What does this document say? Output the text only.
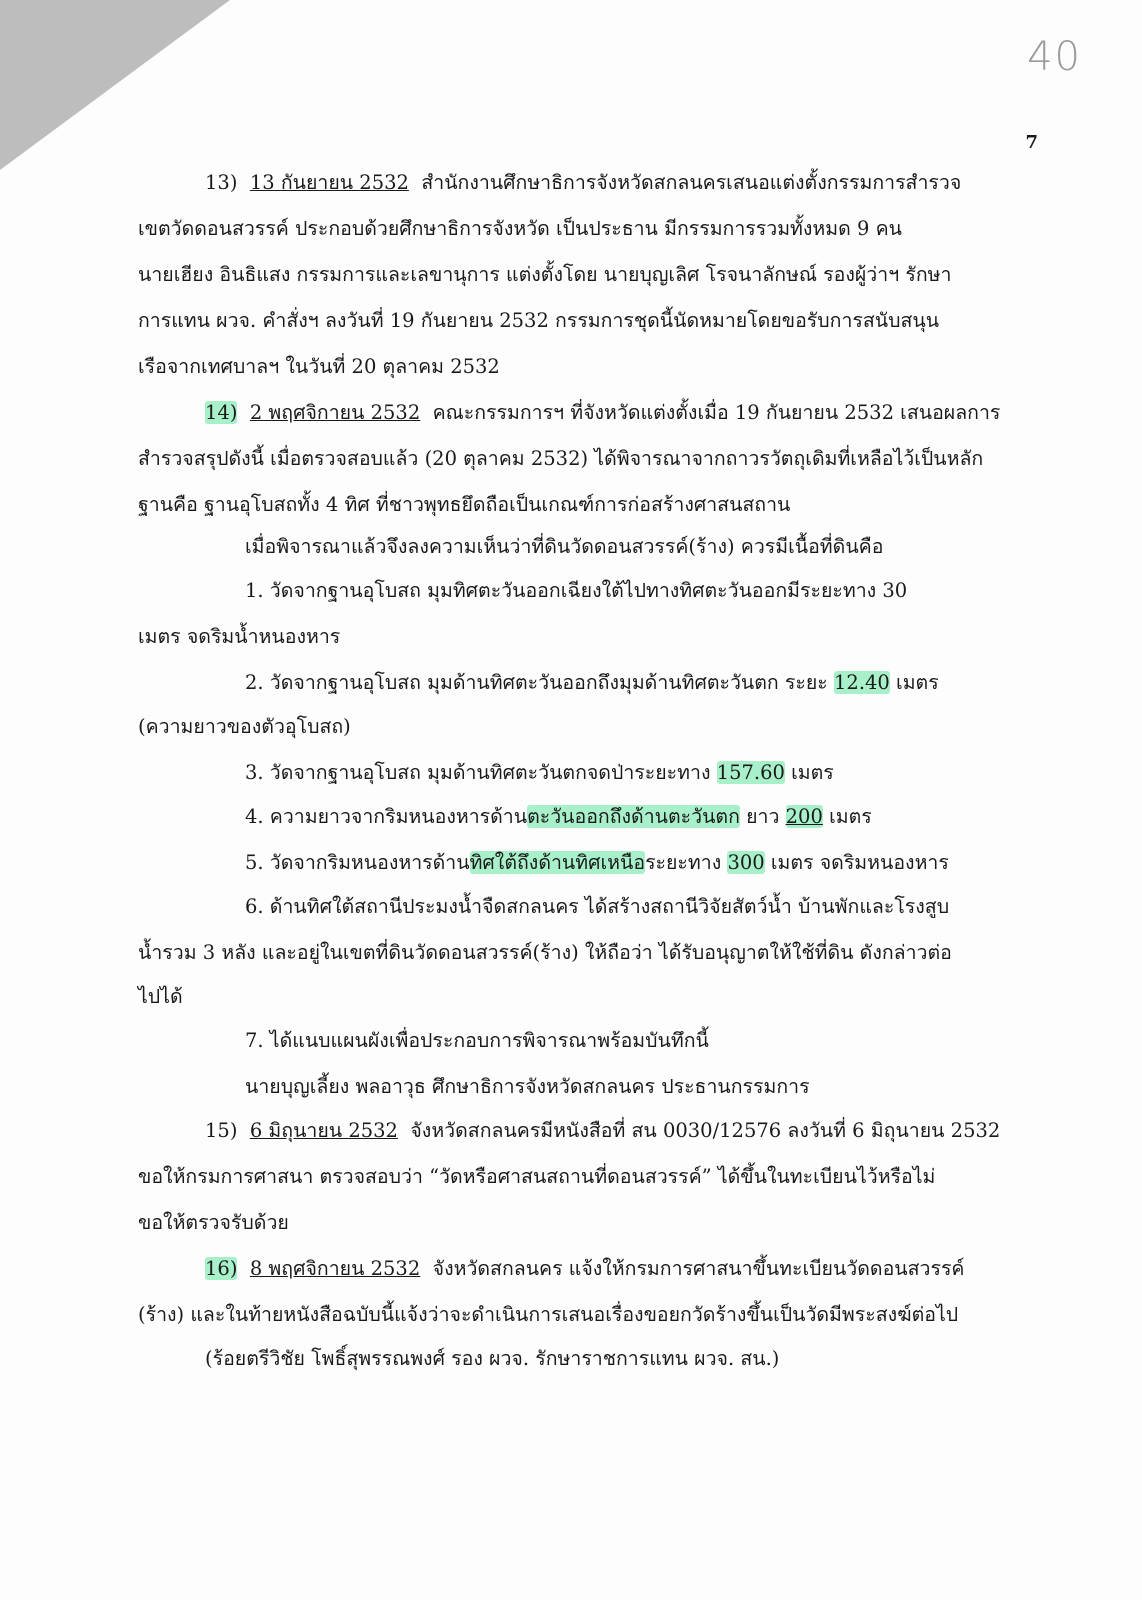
40
7
13) 13 กันยายน 2532 สำนักงานศึกษาธิการจังหวัดสกลนครเสนอแต่งตั้งกรรมการสำรวจ
เขตวัดดอนสวรรค์ ประกอบด้วยศึกษาธิการจังหวัด เป็นประธาน มีกรรมการรวมทั้งหมด 9 คน
นายเฮียง อินธิแสง กรรมการและเลขานุการ แต่งตั้งโดย นายบุญเลิศ โรจนาลักษณ์ รองผู้ว่าฯ รักษา
การแทน ผวจ. คำสั่งฯ ลงวันที่ 19 กันยายน 2532 กรรมการชุดนี้นัดหมายโดยขอรับการสนับสนุน
เรือจากเทศบาลฯ ในวันที่ 20 ตุลาคม 2532
14) 2 พฤศจิกายน 2532 คณะกรรมการฯ ที่จังหวัดแต่งตั้งเมื่อ 19 กันยายน 2532 เสนอผลการ
สำรวจสรุปดังนี้ เมื่อตรวจสอบแล้ว (20 ตุลาคม 2532) ได้พิจารณาจากถาวรวัตถุเดิมที่เหลือไว้เป็นหลัก
ฐานคือ ฐานอุโบสถทั้ง 4 ทิศ ที่ชาวพุทธยึดถือเป็นเกณฑ์การก่อสร้างศาสนสถาน
เมื่อพิจารณาแล้วจึงลงความเห็นว่าที่ดินวัดดอนสวรรค์(ร้าง) ควรมีเนื้อที่ดินคือ
1. วัดจากฐานอุโบสถ มุมทิศตะวันออกเฉียงใต้ไปทางทิศตะวันออกมีระยะทาง 30
เมตร จดริมน้ำหนองหาร
2. วัดจากฐานอุโบสถ มุมด้านทิศตะวันออกถึงมุมด้านทิศตะวันตก ระยะ 12.40 เมตร
(ความยาวของตัวอุโบสถ)
3. วัดจากฐานอุโบสถ มุมด้านทิศตะวันตกจดป่าระยะทาง 157.60 เมตร
4. ความยาวจากริมหนองหารด้านตะวันออกถึงด้านตะวันตก ยาว 200 เมตร
5. วัดจากริมหนองหารด้านทิศใต้ถึงด้านทิศเหนือระยะทาง 300 เมตร จดริมหนองหาร
6. ด้านทิศใต้สถานีประมงน้ำจืดสกลนคร ได้สร้างสถานีวิจัยสัตว์น้ำ บ้านพักและโรงสูบ
น้ำรวม 3 หลัง และอยู่ในเขตที่ดินวัดดอนสวรรค์(ร้าง) ให้ถือว่า ได้รับอนุญาตให้ใช้ที่ดิน ดังกล่าวต่อ
ไปได้
7. ได้แนบแผนผังเพื่อประกอบการพิจารณาพร้อมบันทึกนี้
นายบุญเลี้ยง พลอาวุธ ศึกษาธิการจังหวัดสกลนคร ประธานกรรมการ
15) 6 มิถุนายน 2532 จังหวัดสกลนครมีหนังสือที่ สน 0030/12576 ลงวันที่ 6 มิถุนายน 2532
ขอให้กรมการศาสนา ตรวจสอบว่า “วัดหรือศาสนสถานที่ดอนสวรรค์” ได้ขึ้นในทะเบียนไว้หรือไม่
ขอให้ตรวจรับด้วย
16) 8 พฤศจิกายน 2532 จังหวัดสกลนคร แจ้งให้กรมการศาสนาขึ้นทะเบียนวัดดอนสวรรค์
(ร้าง) และในท้ายหนังสือฉบับนี้แจ้งว่าจะดำเนินการเสนอเรื่องขอยกวัดร้างขึ้นเป็นวัดมีพระสงฆ์ต่อไป
(ร้อยตรีวิชัย โพธิ์สุพรรณพงศ์ รอง ผวจ. รักษาราชการแทน ผวจ. สน.)
